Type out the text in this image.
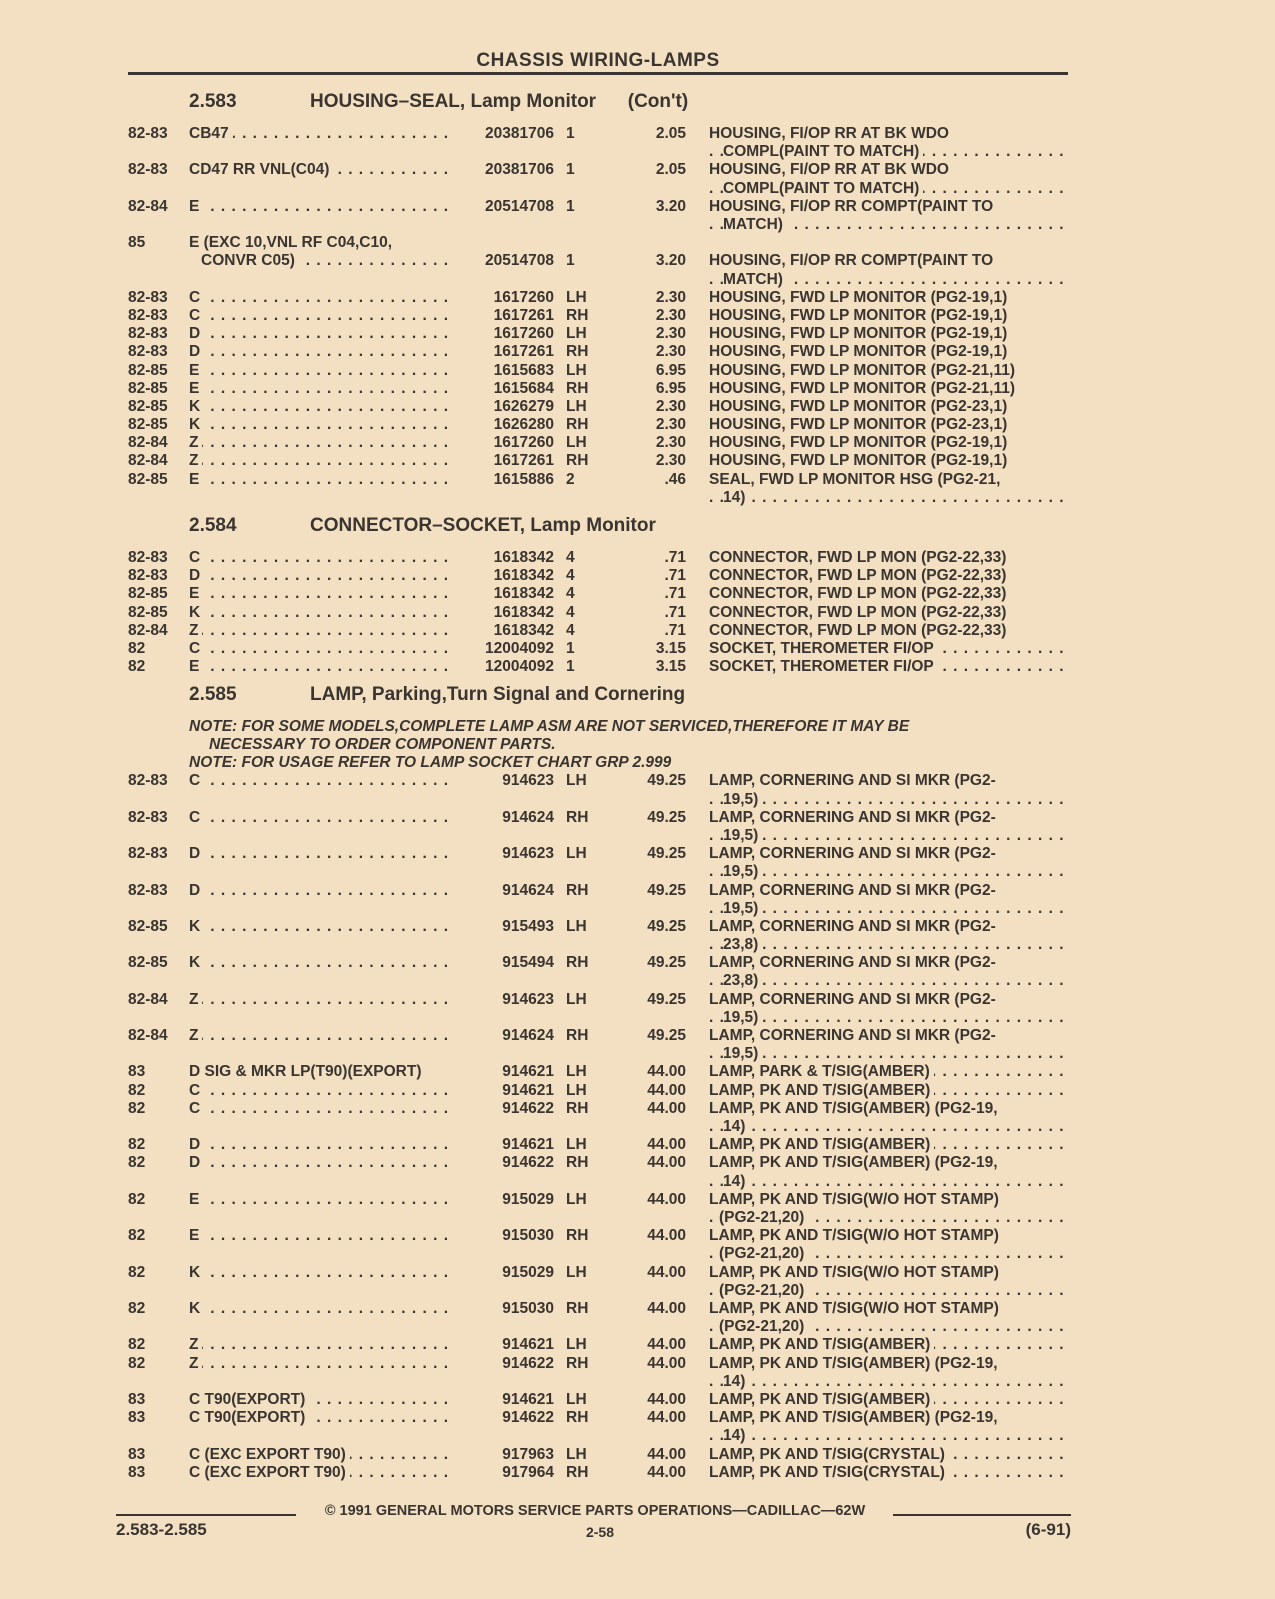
CHASSIS WIRING-LAMPS
2.583	HOUSING–SEAL, Lamp Monitor      (Con't)
82-83 CB47 . . .	20381706 1	2.05 HOUSING, FI/OP RR AT BK WDO
COMPL(PAINT TO MATCH) . . .
82-83 CD47 RR VNL(C04) . . .	20381706 1	2.05 HOUSING, FI/OP RR AT BK WDO
COMPL(PAINT TO MATCH) . . .
82-84 E . . .	20514708 1	3.20 HOUSING, FI/OP RR COMPT(PAINT TO
MATCH) . . .
85	E (EXC 10,VNL RF C04,C10,
CONVR C05) . . .	20514708 1	3.20 HOUSING, FI/OP RR COMPT(PAINT TO
MATCH) . . .
82-83 C . . .	1617260 LH	2.30 HOUSING, FWD LP MONITOR (PG2-19,1)
82-83 C . . .	1617261 RH	2.30 HOUSING, FWD LP MONITOR (PG2-19,1)
82-83 D . . .	1617260 LH	2.30 HOUSING, FWD LP MONITOR (PG2-19,1)
82-83 D . . .	1617261 RH	2.30 HOUSING, FWD LP MONITOR (PG2-19,1)
82-85 E . . .	1615683 LH	6.95 HOUSING, FWD LP MONITOR (PG2-21,11)
82-85 E . . .	1615684 RH	6.95 HOUSING, FWD LP MONITOR (PG2-21,11)
82-85 K . . .	1626279 LH	2.30 HOUSING, FWD LP MONITOR (PG2-23,1)
82-85 K . . .	1626280 RH	2.30 HOUSING, FWD LP MONITOR (PG2-23,1)
82-84 Z . . .	1617260 LH	2.30 HOUSING, FWD LP MONITOR (PG2-19,1)
82-84 Z . . .	1617261 RH	2.30 HOUSING, FWD LP MONITOR (PG2-19,1)
82-85 E . . .	1615886 2	.46 SEAL, FWD LP MONITOR HSG (PG2-21,
14) . . .
2.584	CONNECTOR–SOCKET, Lamp Monitor
82-83 C . . .	1618342 4	.71 CONNECTOR, FWD LP MON (PG2-22,33)
82-83 D . . .	1618342 4	.71 CONNECTOR, FWD LP MON (PG2-22,33)
82-85 E . . .	1618342 4	.71 CONNECTOR, FWD LP MON (PG2-22,33)
82-85 K . . .	1618342 4	.71 CONNECTOR, FWD LP MON (PG2-22,33)
82-84 Z . . .	1618342 4	.71 CONNECTOR, FWD LP MON (PG2-22,33)
82	C . . .	12004092 1	3.15 SOCKET, THEROMETER FI/OP . . .
82	E . . .	12004092 1	3.15 SOCKET, THEROMETER FI/OP . . .
2.585	LAMP, Parking,Turn Signal and Cornering
NOTE: FOR SOME MODELS,COMPLETE LAMP ASM ARE NOT SERVICED,THEREFORE IT MAY BE
NECESSARY TO ORDER COMPONENT PARTS.
NOTE: FOR USAGE REFER TO LAMP SOCKET CHART GRP 2.999
82-83 C . . .	914623 LH	49.25 LAMP, CORNERING AND SI MKR (PG2-
19,5) . . .
82-83 C . . .	914624 RH	49.25 LAMP, CORNERING AND SI MKR (PG2-
19,5) . . .
82-83 D . . .	914623 LH	49.25 LAMP, CORNERING AND SI MKR (PG2-
19,5) . . .
82-83 D . . .	914624 RH	49.25 LAMP, CORNERING AND SI MKR (PG2-
19,5) . . .
82-85 K . . .	915493 LH	49.25 LAMP, CORNERING AND SI MKR (PG2-
23,8) . . .
82-85 K . . .	915494 RH	49.25 LAMP, CORNERING AND SI MKR (PG2-
23,8) . . .
82-84 Z . . .	914623 LH	49.25 LAMP, CORNERING AND SI MKR (PG2-
19,5) . . .
82-84 Z . . .	914624 RH	49.25 LAMP, CORNERING AND SI MKR (PG2-
19,5) . . .
83	D SIG & MKR LP(T90)(EXPORT)	914621 LH	44.00 LAMP, PARK & T/SIG(AMBER) . . .
82	C . . .	914621 LH	44.00 LAMP, PK AND T/SIG(AMBER) . . .
82	C . . .	914622 RH	44.00 LAMP, PK AND T/SIG(AMBER) (PG2-19,
14) . . .
82	D . . .	914621 LH	44.00 LAMP, PK AND T/SIG(AMBER) . . .
82	D . . .	914622 RH	44.00 LAMP, PK AND T/SIG(AMBER) (PG2-19,
14) . . .
82	E . . .	915029 LH	44.00 LAMP, PK AND T/SIG(W/O HOT STAMP)
(PG2-21,20) . . .
82	E . . .	915030 RH	44.00 LAMP, PK AND T/SIG(W/O HOT STAMP)
(PG2-21,20) . . .
82	K . . .	915029 LH	44.00 LAMP, PK AND T/SIG(W/O HOT STAMP)
(PG2-21,20) . . .
82	K . . .	915030 RH	44.00 LAMP, PK AND T/SIG(W/O HOT STAMP)
(PG2-21,20) . . .
82	Z . . .	914621 LH	44.00 LAMP, PK AND T/SIG(AMBER) . . .
82	Z . . .	914622 RH	44.00 LAMP, PK AND T/SIG(AMBER) (PG2-19,
14) . . .
83	C T90(EXPORT) . . .	914621 LH	44.00 LAMP, PK AND T/SIG(AMBER) . . .
83	C T90(EXPORT) . . .	914622 RH	44.00 LAMP, PK AND T/SIG(AMBER) (PG2-19,
14) . . .
83	C (EXC EXPORT T90) . . .	917963 LH	44.00 LAMP, PK AND T/SIG(CRYSTAL) . . .
83	C (EXC EXPORT T90) . . .	917964 RH	44.00 LAMP, PK AND T/SIG(CRYSTAL) . . .
© 1991 GENERAL MOTORS SERVICE PARTS OPERATIONS—CADILLAC—62W
2.583-2.585	2-58	(6-91)
